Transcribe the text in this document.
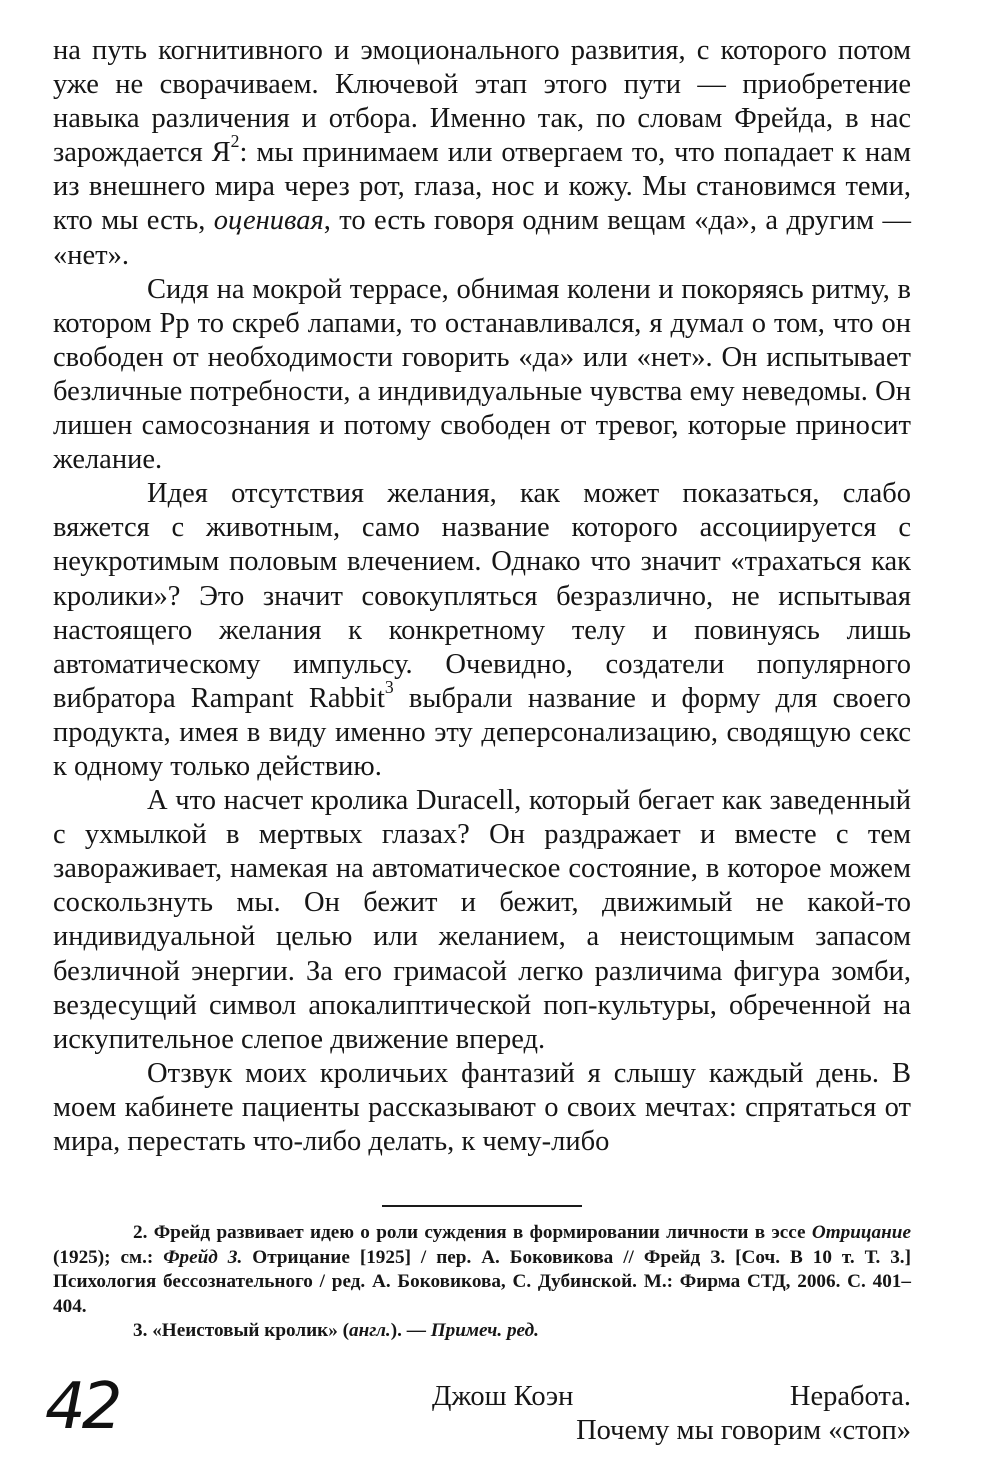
на путь когнитивного и эмоционального развития, с которого потом уже не сворачиваем. Ключевой этап этого пути — приобретение навыка различения и отбора. Именно так, по словам Фрейда, в нас зарождается $Я^2$: мы принимаем или отвергаем то, что попадает к нам из внешнего мира через рот, глаза, нос и кожу. Мы становимся теми, кто мы есть, оценивая, то есть говоря одним вещам «да», а другим — «нет».

Сидя на мокрой террасе, обнимая колени и покоряясь ритму, в котором Pp то скреб лапами, то останавливался, я думал о том, что он свободен от необходимости говорить «да» или «нет». Он испытывает безличные потребности, а индивидуальные чувства ему неведомы. Он лишен самосознания и потому свободен от тревог, которые приносит желание.

Идея отсутствия желания, как может показаться, слабо вяжется с животным, само название которого ассоциируется с неукротимым половым влечением. Однако что значит «трахаться как кролики»? Это значит совокупляться безразлично, не испытывая настоящего желания к конкретному телу и повинуясь лишь автоматическому импульсу. Очевидно, создатели популярного вибратора Rampant Rabbit$^3$ выбрали название и форму для своего продукта, имея в виду именно эту деперсонализацию, сводящую секс к одному только действию.

А что насчет кролика Duracell, который бегает как заведенный с ухмылкой в мертвых глазах? Он раздражает и вместе с тем завораживает, намекая на автоматическое состояние, в которое можем соскользнуть мы. Он бежит и бежит, движимый не какой-то индивидуальной целью или желанием, а неистощимым запасом безличной энергии. За его гримасой легко различима фигура зомби, вездесущий символ апокалиптической поп-культуры, обреченной на искупительное слепое движение вперед.

Отзвук моих кроличьих фантазий я слышу каждый день. В моем кабинете пациенты рассказывают о своих мечтах: спрятаться от мира, перестать что-либо делать, к чему-либо

2. Фрейд развивает идею о роли суждения в формировании личности в эссе Отрицание (1925); см.: Фрейд З. Отрицание [1925] / пер. А. Боковикова // Фрейд З. [Соч. В 10 т. Т. 3.] Психология бессознательного / ред. А. Боковикова, С. Дубинской. М.: Фирма СТД, 2006. С. 401–404.

3. «Неистовый кролик» (англ.). — Примеч. ред.

42	Джош Коэн	Неработа.
Почему мы говорим «стоп»
